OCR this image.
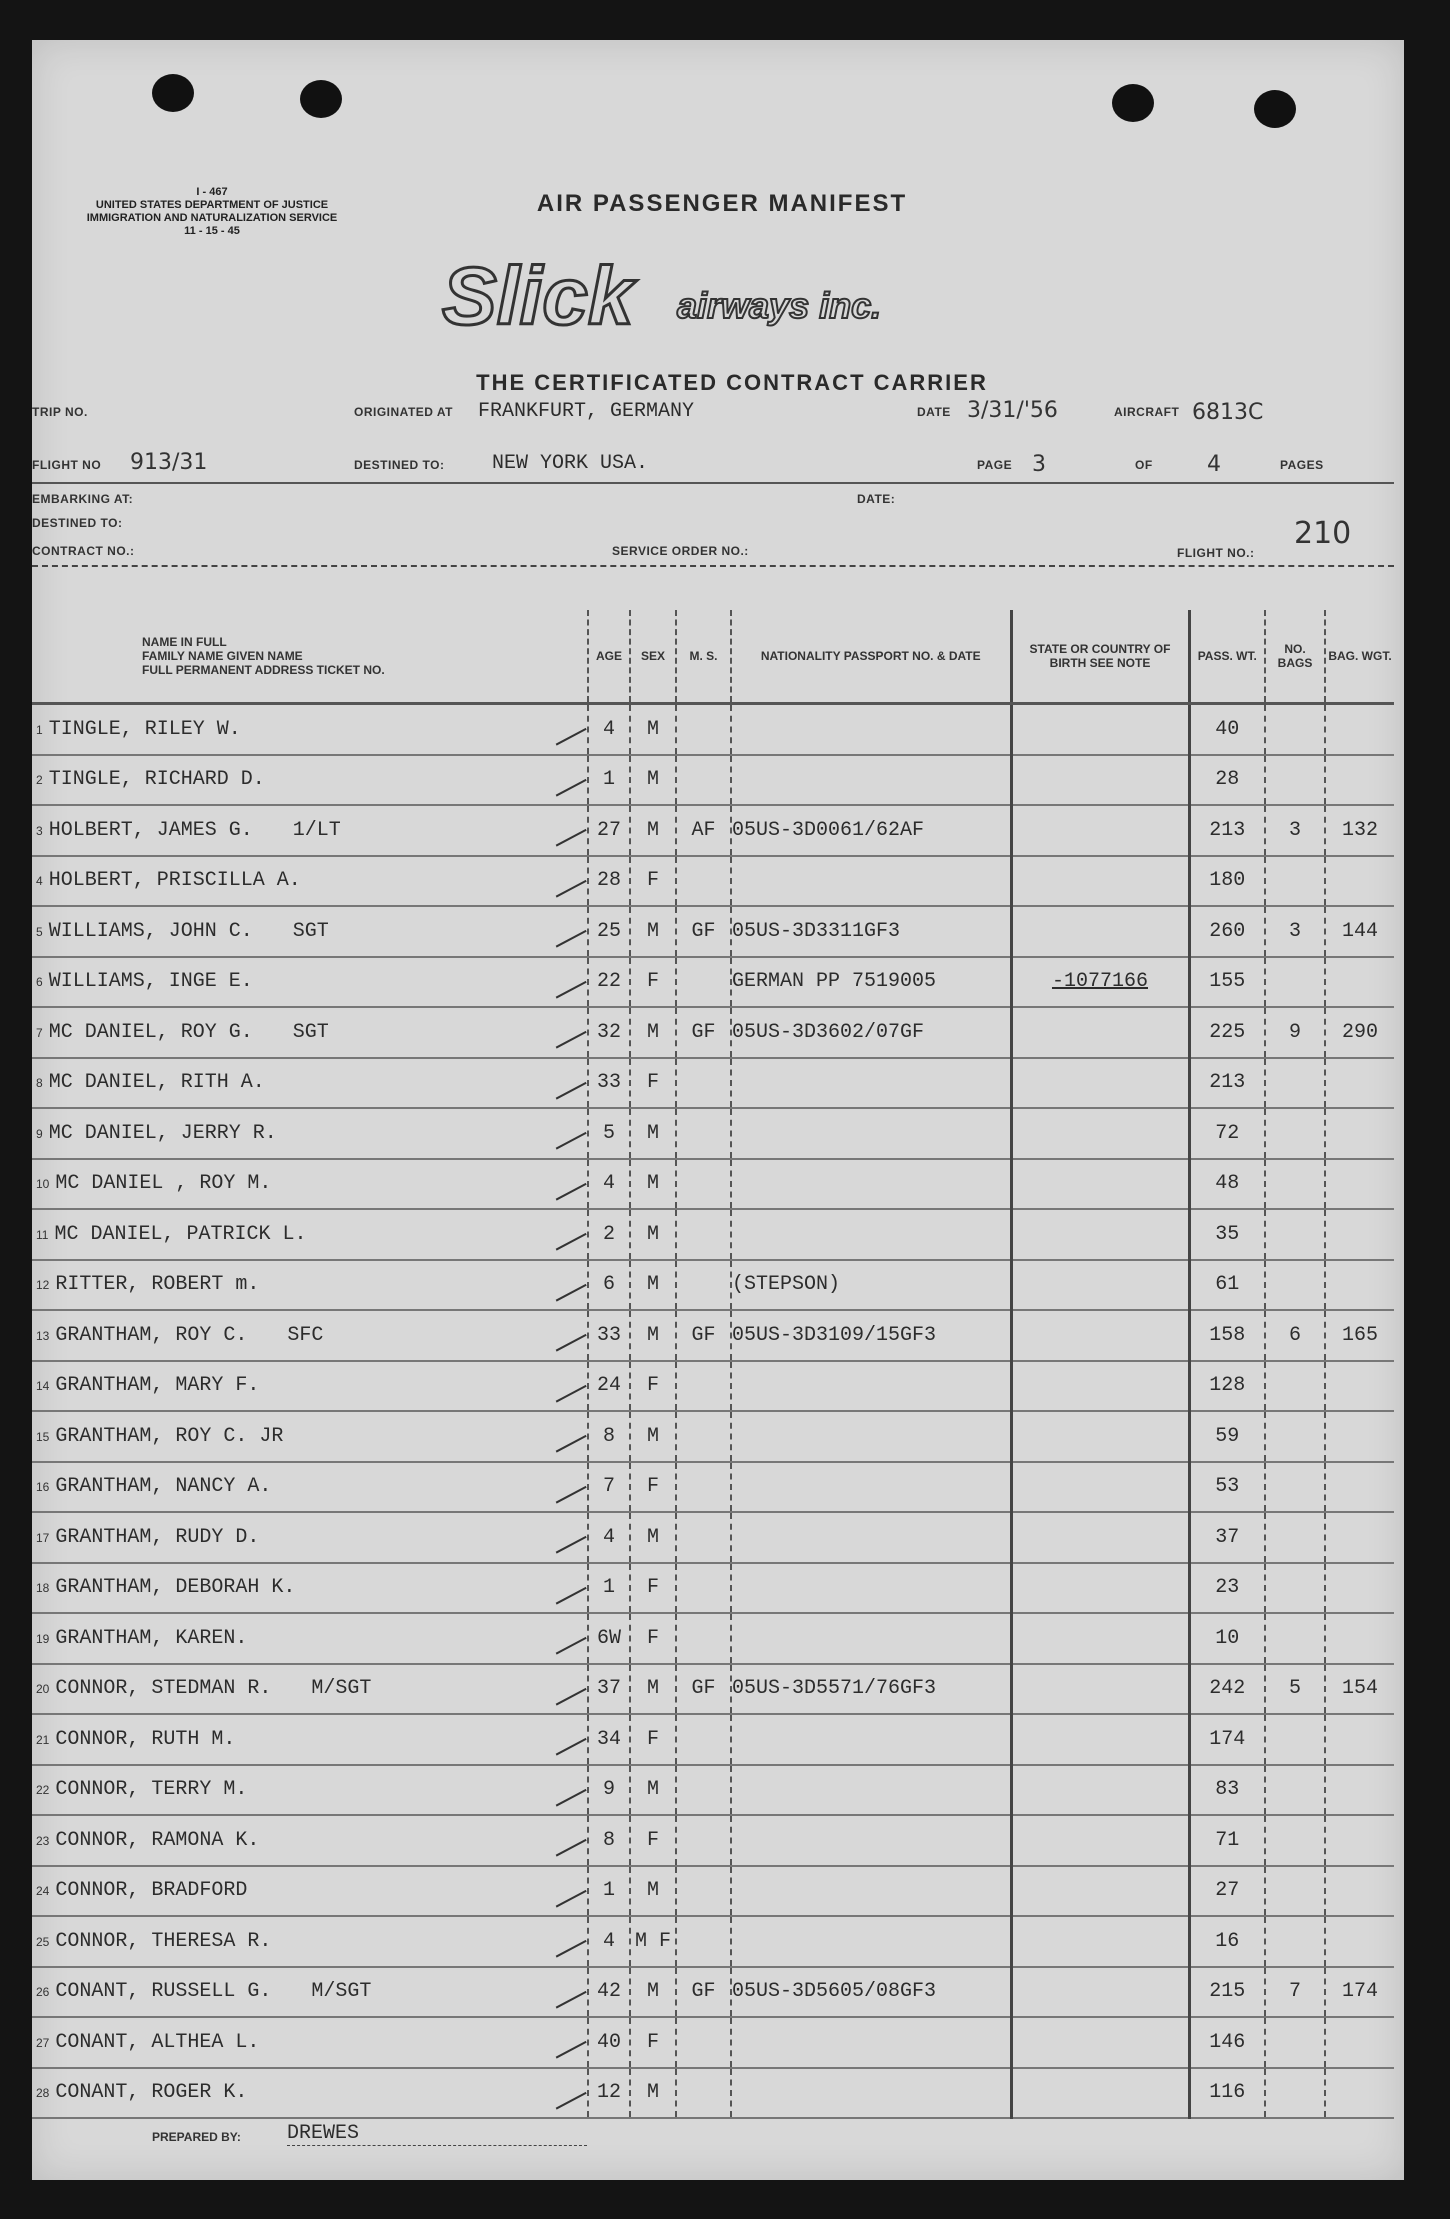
I - 467
UNITED STATES DEPARTMENT OF JUSTICE
IMMIGRATION AND NATURALIZATION SERVICE
11 - 15 - 45
AIR PASSENGER MANIFEST
Slick airways inc.
THE CERTIFICATED CONTRACT CARRIER
TRIP NO.	ORIGINATED AT FRANKFURT, GERMANY	DATE 3/31/'56	AIRCRAFT 6813C
FLIGHT NO 913/31	DESTINED TO: NEW YORK USA.	PAGE 3	OF 4	PAGES
EMBARKING AT:	DATE:
DESTINED TO:
CONTRACT NO.:	SERVICE ORDER NO.:	FLIGHT NO.:
210
NAME IN FULL
FAMILY NAME GIVEN NAME
FULL PERMANENT ADDRESS TICKET NO.	AGE	SEX	M. S.	NATIONALITY PASSPORT NO. & DATE	STATE OR COUNTRY OF BIRTH SEE NOTE	PASS. WT.	NO. BAGS	BAG. WGT.
1 TINGLE, RILEY W.	4	M				40		
2 TINGLE, RICHARD D.	1	M				28		
3 HOLBERT, JAMES G. 1/LT	27	M	AF	05US-3D0061/62AF		213	3	132
4 HOLBERT, PRISCILLA A.	28	F				180		
5 WILLIAMS, JOHN C. SGT	25	M	GF	05US-3D3311GF3		260	3	144
6 WILLIAMS, INGE E.	22	F		GERMAN PP 7519005	-1077166	155		
7 MC DANIEL, ROY G. SGT	32	M	GF	05US-3D3602/07GF		225	9	290
8 MC DANIEL, RITH A.	33	F				213		
9 MC DANIEL, JERRY R.	5	M				72		
10 MC DANIEL , ROY M.	4	M				48		
11 MC DANIEL, PATRICK L.	2	M				35		
12 RITTER, ROBERT m.	6	M		(STEPSON)		61		
13 GRANTHAM, ROY C. SFC	33	M	GF	05US-3D3109/15GF3		158	6	165
14 GRANTHAM, MARY F.	24	F				128		
15 GRANTHAM, ROY C. JR	8	M				59		
16 GRANTHAM, NANCY A.	7	F				53		
17 GRANTHAM, RUDY D.	4	M				37		
18 GRANTHAM, DEBORAH K.	1	F				23		
19 GRANTHAM, KAREN.	6W	F				10		
20 CONNOR, STEDMAN R. M/SGT	37	M	GF	05US-3D5571/76GF3		242	5	154
21 CONNOR, RUTH M.	34	F				174		
22 CONNOR, TERRY M.	9	M				83		
23 CONNOR, RAMONA K.	8	F				71		
24 CONNOR, BRADFORD	1	M				27		
25 CONNOR, THERESA R.	4	M F				16		
26 CONANT, RUSSELL G. M/SGT	42	M	GF	05US-3D5605/08GF3		215	7	174
27 CONANT, ALTHEA L.	40	F				146		
28 CONANT, ROGER K.	12	M				116		
PREPARED BY: DREWES
